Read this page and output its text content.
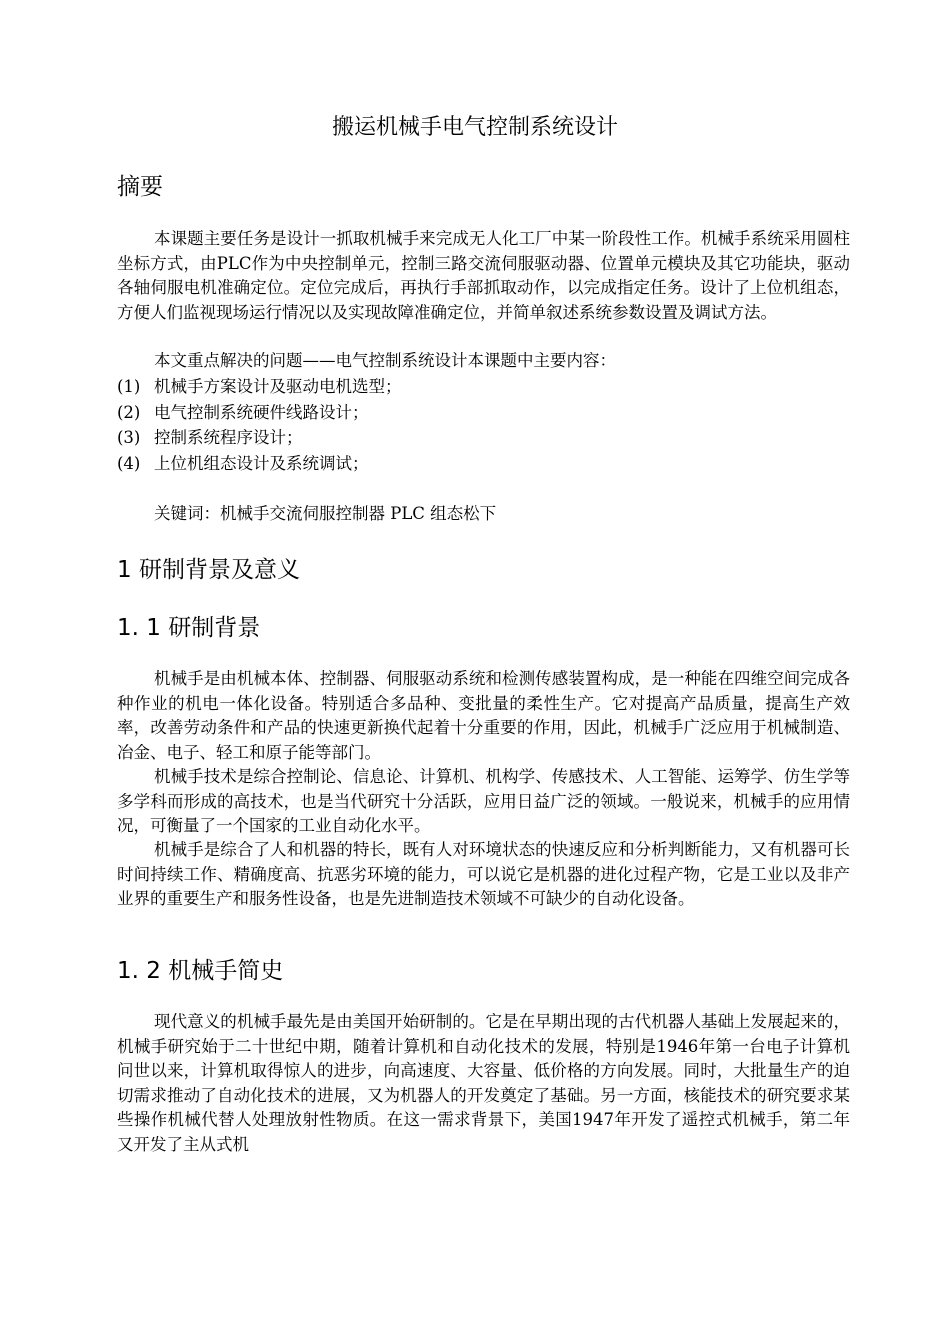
搬运机械手电气控制系统设计
摘要

本课题主要任务是设计一抓取机械手来完成无人化工厂中某一阶段性工作。机械手系统采用圆柱坐标方式，由PLC作为中央控制单元，控制三路交流伺服驱动器、位置单元模块及其它功能块，驱动各轴伺服电机准确定位。定位完成后，再执行手部抓取动作，以完成指定任务。设计了上位机组态，方便人们监视现场运行情况以及实现故障准确定位，并简单叙述系统参数设置及调试方法。

本文重点解决的问题——电气控制系统设计本课题中主要内容：

(1) 机械手方案设计及驱动电机选型；
(2) 电气控制系统硬件线路设计；
(3) 控制系统程序设计；
(4) 上位机组态设计及系统调试；
关键词：机械手交流伺服控制器 PLC 组态松下
1 研制背景及意义
1. 1 研制背景

机械手是由机械本体、控制器、伺服驱动系统和检测传感装置构成，是一种能在四维空间完成各种作业的机电一体化设备。特别适合多品种、变批量的柔性生产。它对提高产品质量，提高生产效率，改善劳动条件和产品的快速更新换代起着十分重要的作用，因此，机械手广泛应用于机械制造、冶金、电子、轻工和原子能等部门。

机械手技术是综合控制论、信息论、计算机、机构学、传感技术、人工智能、运筹学、仿生学等多学科而形成的高技术，也是当代研究十分活跃，应用日益广泛的领域。一般说来，机械手的应用情况，可衡量了一个国家的工业自动化水平。

机械手是综合了人和机器的特长，既有人对环境状态的快速反应和分析判断能力，又有机器可长时间持续工作、精确度高、抗恶劣环境的能力，可以说它是机器的进化过程产物，它是工业以及非产业界的重要生产和服务性设备，也是先进制造技术领域不可缺少的自动化设备。

1. 2 机械手简史

现代意义的机械手最先是由美国开始研制的。它是在早期出现的古代机器人基础上发展起来的，机械手研究始于二十世纪中期，随着计算机和自动化技术的发展，特别是1946年第一台电子计算机问世以来，计算机取得惊人的进步，向高速度、大容量、低价格的方向发展。同时，大批量生产的迫切需求推动了自动化技术的进展，又为机器人的开发奠定了基础。另一方面，核能技术的研究要求某些操作机械代替人处理放射性物质。在这一需求背景下，美国1947年开发了遥控式机械手，第二年又开发了主从式机
